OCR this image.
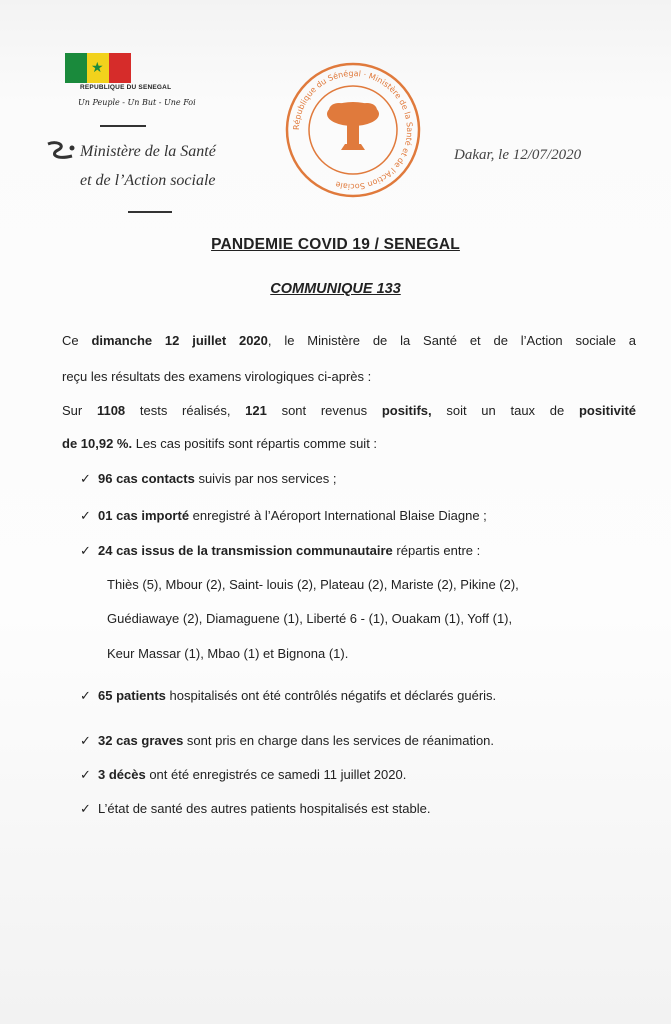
★
REPUBLIQUE DU SENEGAL
Un Peuple - Un But - Une Foi
Ministère de la Santé
et de l’Action sociale
République du Sénégal · Ministère de la Santé et de l'Action Sociale
Dakar, le 12/07/2020
PANDEMIE COVID 19 / SENEGAL
COMMUNIQUE 133
Ce dimanche 12 juillet 2020, le Ministère de la Santé et de l’Action sociale a
reçu les résultats des examens virologiques ci-après :
Sur 1108 tests réalisés, 121 sont revenus positifs, soit un taux de positivité
de 10,92 %. Les cas positifs sont répartis comme suit :
✓ 96 cas contacts suivis par nos services ;
✓ 01 cas importé enregistré à l’Aéroport International Blaise Diagne ;
✓ 24 cas issus de la transmission communautaire répartis entre :
Thiès (5), Mbour (2), Saint- louis (2), Plateau (2), Mariste (2), Pikine (2),
Guédiawaye (2), Diamaguene (1), Liberté 6 - (1), Ouakam (1), Yoff (1),
Keur Massar (1), Mbao (1) et Bignona (1).
✓ 65 patients hospitalisés ont été contrôlés négatifs et déclarés guéris.
✓ 32 cas graves sont pris en charge dans les services de réanimation.
✓ 3 décès ont été enregistrés ce samedi 11 juillet 2020.
✓ L’état de santé des autres patients hospitalisés est stable.
